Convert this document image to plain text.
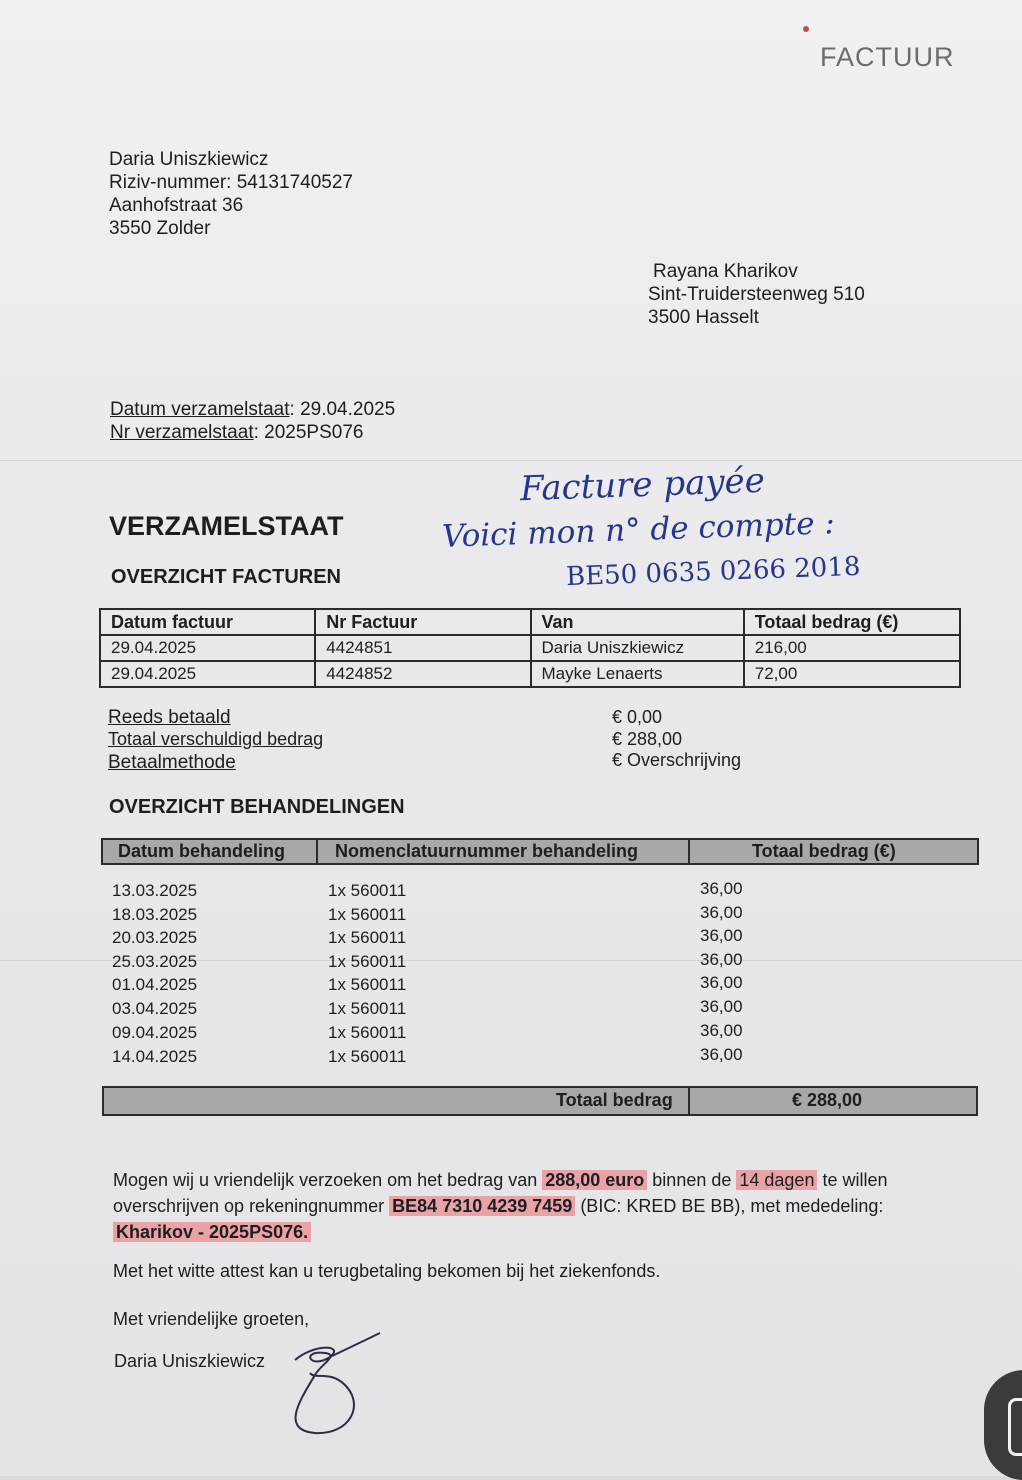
FACTUUR
Daria Uniszkiewicz
Riziv-nummer: 54131740527
Aanhofstraat 36
3550 Zolder
Rayana Kharikov
Sint-Truidersteenweg 510
3500 Hasselt
Datum verzamelstaat: 29.04.2025
Nr verzamelstaat: 2025PS076
Facture payée
Voici mon n° de compte :
BE50 0635 0266 2018
VERZAMELSTAAT
OVERZICHT FACTUREN
Datum factuur	Nr Factuur	Van	Totaal bedrag (€)
29.04.2025	4424851	Daria Uniszkiewicz	216,00
29.04.2025	4424852	Mayke Lenaerts	72,00
Reeds betaald	€ 0,00
Totaal verschuldigd bedrag	€ 288,00
Betaalmethode	€ Overschrijving
OVERZICHT BEHANDELINGEN
Datum behandeling	Nomenclatuurnummer behandeling	Totaal bedrag (€)
13.03.2025	1x 560011	36,00
18.03.2025	1x 560011	36,00
20.03.2025	1x 560011	36,00
25.03.2025	1x 560011	36,00
01.04.2025	1x 560011	36,00
03.04.2025	1x 560011	36,00
09.04.2025	1x 560011	36,00
14.04.2025	1x 560011	36,00
Totaal bedrag	€ 288,00
Mogen wij u vriendelijk verzoeken om het bedrag van 288,00 euro binnen de 14 dagen te willen overschrijven op rekeningnummer BE84 7310 4239 7459 (BIC: KRED BE BB), met mededeling:
Kharikov - 2025PS076.
Met het witte attest kan u terugbetaling bekomen bij het ziekenfonds.
Met vriendelijke groeten,
Daria Uniszkiewicz
